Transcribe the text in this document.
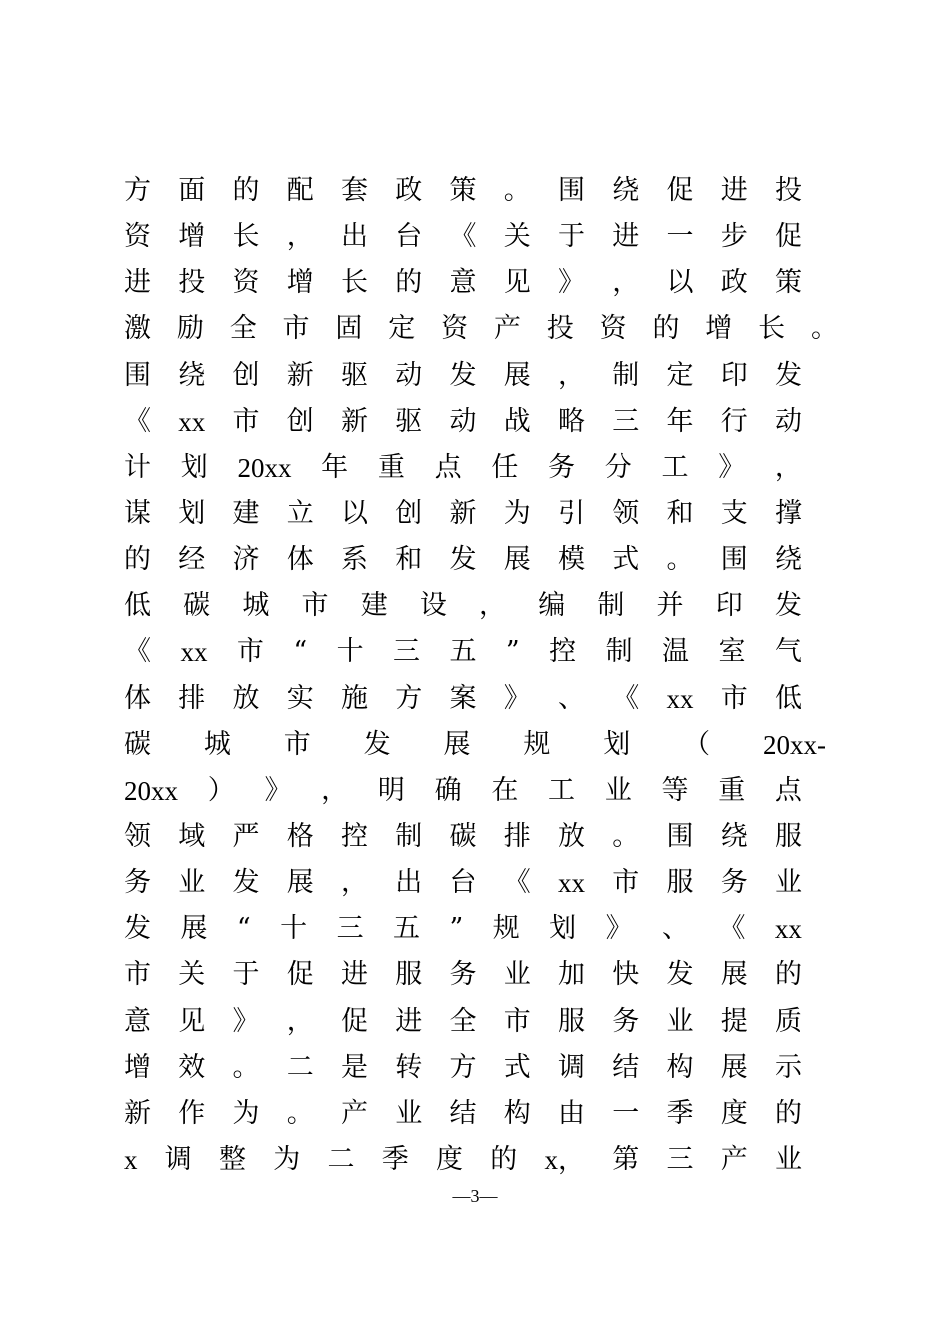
方 面 的 配 套 政 策 。 围 绕 促 进 投
资 增 长 ， 出 台 《 关 于 进 一 步 促
进 投 资 增 长 的 意 见 》 ， 以 政 策
激 励 全 市 固 定 资 产 投 资 的 增 长 。
围 绕 创 新 驱 动 发 展 ， 制 定 印 发
《 xx 市 创 新 驱 动 战 略 三 年 行 动
计 划 20xx 年 重 点 任 务 分 工 》 ，
谋 划 建 立 以 创 新 为 引 领 和 支 撑
的 经 济 体 系 和 发 展 模 式 。 围 绕
低 碳 城 市 建 设 ， 编 制 并 印 发
《 xx 市 “ 十 三 五 ” 控 制 温 室 气
体 排 放 实 施 方 案 》 、 《 xx 市 低
碳 城 市 发 展 规 划 （ 20xx-
20xx ） 》 ， 明 确 在 工 业 等 重 点
领 域 严 格 控 制 碳 排 放 。 围 绕 服
务 业 发 展 ， 出 台 《 xx 市 服 务 业
发 展 “ 十 三 五 ” 规 划 》 、 《 xx
市 关 于 促 进 服 务 业 加 快 发 展 的
意 见 》 ， 促 进 全 市 服 务 业 提 质
增 效 。 二 是 转 方 式 调 结 构 展 示
新 作 为 。 产 业 结 构 由 一 季 度 的
x 调 整 为 二 季 度 的 x， 第 三 产 业
—3—
